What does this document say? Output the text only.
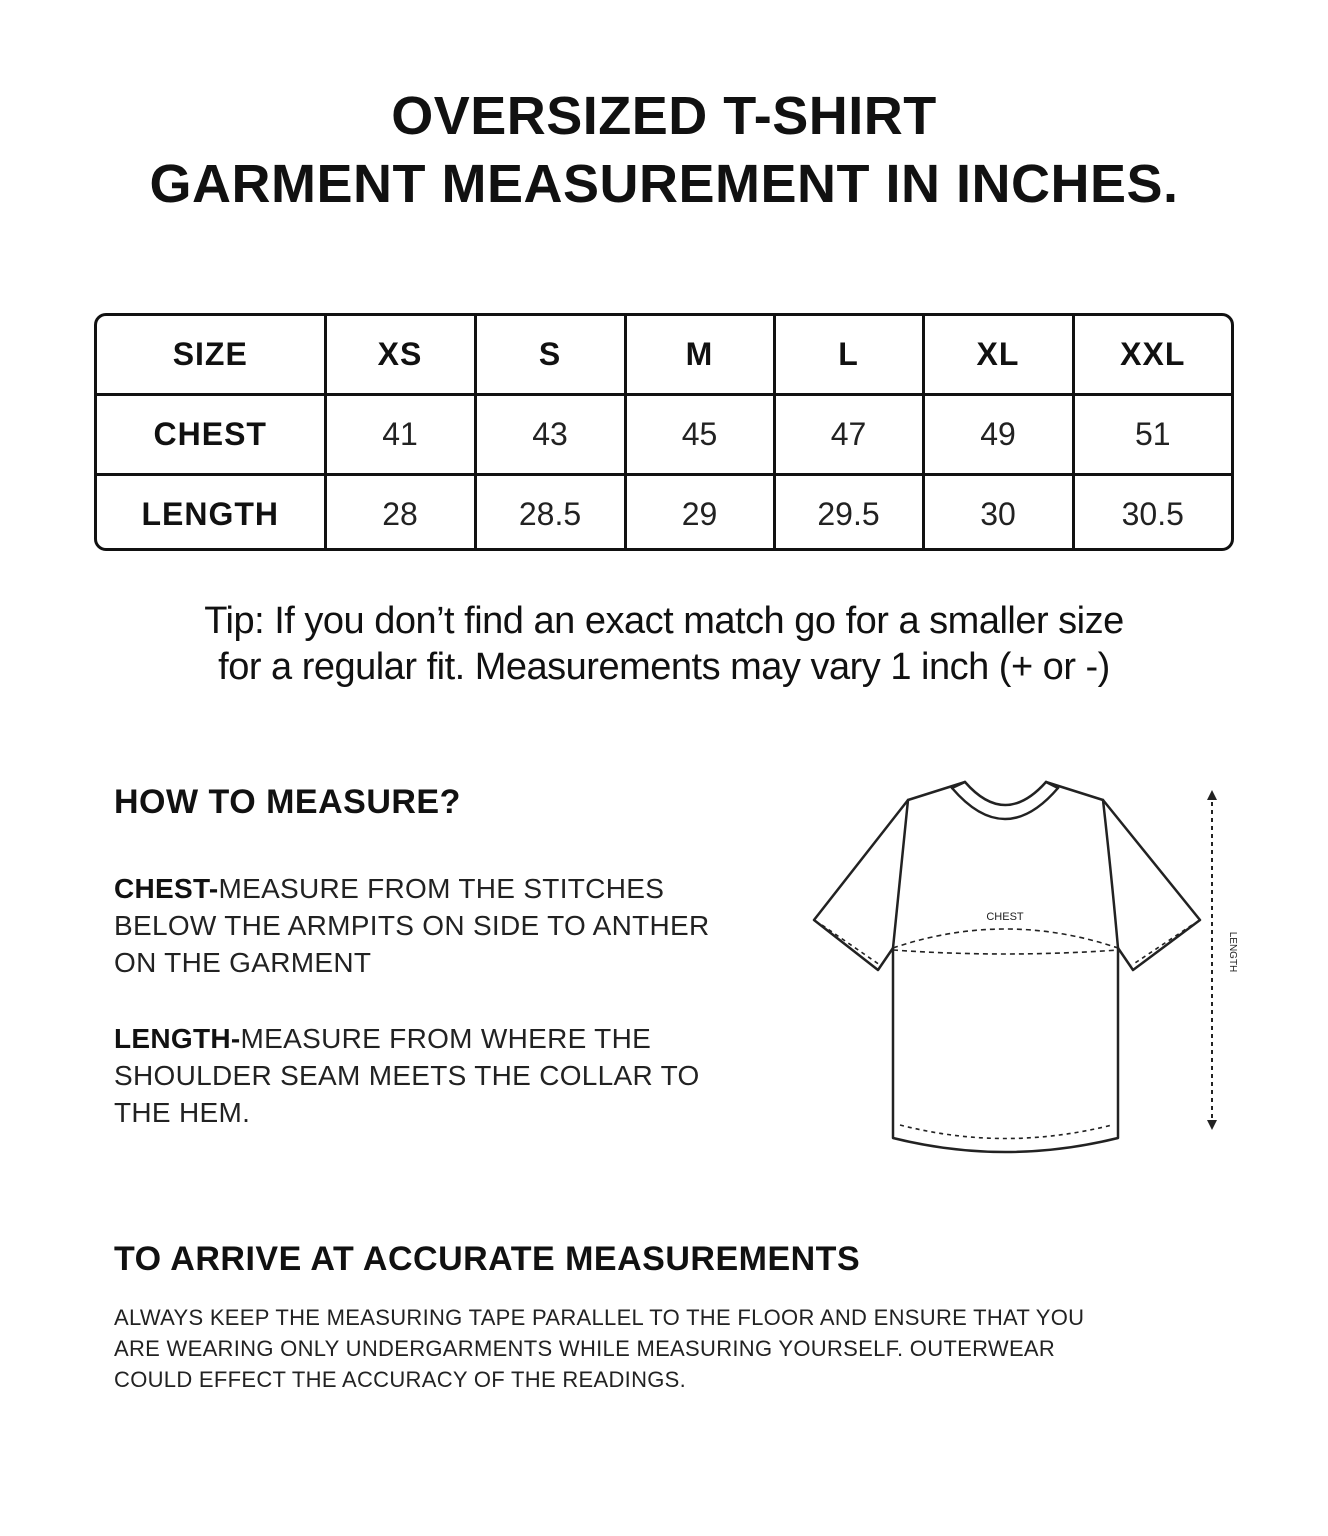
OVERSIZED T-SHIRT
GARMENT MEASUREMENT IN INCHES.
SIZE	XS	S	M	L	XL	XXL
CHEST	41	43	45	47	49	51
LENGTH	28	28.5	29	29.5	30	30.5
Tip: If you don’t find an exact match go for a smaller size
for a regular fit. Measurements may vary 1 inch (+ or -)
HOW TO MEASURE?
CHEST-MEASURE FROM THE STITCHES BELOW THE ARMPITS ON SIDE TO ANTHER ON THE GARMENT
LENGTH-MEASURE FROM WHERE THE SHOULDER SEAM MEETS THE COLLAR TO THE HEM.
CHEST
LENGTH
TO ARRIVE AT ACCURATE MEASUREMENTS
ALWAYS KEEP THE MEASURING TAPE PARALLEL TO THE FLOOR AND ENSURE THAT YOU ARE WEARING ONLY UNDERGARMENTS WHILE MEASURING YOURSELF. OUTERWEAR COULD EFFECT THE ACCURACY OF THE READINGS.
